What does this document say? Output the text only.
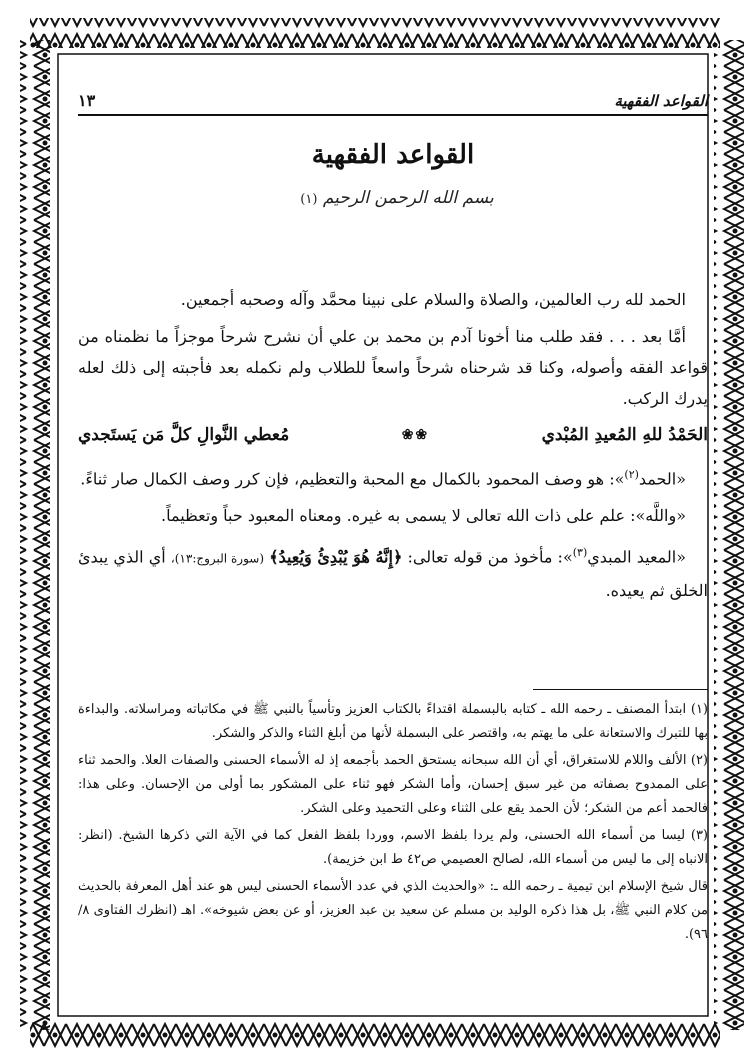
القواعد الفقهية
١٣
القواعد الفقهية
بسم الله الرحمن الرحيم (١)

الحمد لله رب العالمين، والصلاة والسلام على نبينا محمَّد وآله وصحبه أجمعين.

أمَّا بعد . . . فقد طلب منا أخونا آدم بن محمد بن علي أن نشرح شرحاً موجزاً ما نظمناه من قواعد الفقه وأصوله، وكنا قد شرحناه شرحاً واسعاً للطلاب ولم نكمله بعد فأجبته إلى ذلك لعله يدرك الركب.

الحَمْدُ للهِ المُعيدِ المُبْدي
❀❀
مُعطي النَّوالِ كلَّ مَن يَستَجدي

«الحمد$^{(٢)}$»: هو وصف المحمود بالكمال مع المحبة والتعظيم، فإن كرر وصف الكمال صار ثناءً.

«واللَّه»: علم على ذات الله تعالى لا يسمى به غيره. ومعناه المعبود حباً وتعظيماً.

«المعيد المبدي$^{(٣)}$»: مأخوذ من قوله تعالى: ﴿إِنَّهُ هُوَ يُبْدِئُ وَيُعِيدُ﴾ (سورة البروج:١٣)، أي الذي يبدئ الخلق ثم يعيده.

(١) ابتدأ المصنف ـ رحمه الله ـ كتابه بالبسملة اقتداءً بالكتاب العزيز وتأسياً بالنبي ﷺ في مكاتباته ومراسلاته. والبداءة بها للتبرك والاستعانة على ما يهتم به، واقتصر على البسملة لأنها من أبلغ الثناء والذكر والشكر.

(٢) الألف واللام للاستغراق، أي أن الله سبحانه يستحق الحمد بأجمعه إذ له الأسماء الحسنى والصفات العلا. والحمد ثناء على الممدوح بصفاته من غير سبق إحسان، وأما الشكر فهو ثناء على المشكور بما أولى من الإحسان. وعلى هذا: فالحمد أعم من الشكر؛ لأن الحمد يقع على الثناء وعلى التحميد وعلى الشكر.

(٣) ليسا من أسماء الله الحسنى، ولم يردا بلفظ الاسم، ووردا بلفظ الفعل كما في الآية التي ذكرها الشيخ. (انظر: الانباه إلى ما ليس من أسماء الله، لصالح العصيمي ص٤٢ ط ابن خزيمة).

قال شيخ الإسلام ابن تيمية ـ رحمه الله ـ: «والحديث الذي في عدد الأسماء الحسنى ليس هو عند أهل المعرفة بالحديث من كلام النبي ﷺ، بل هذا ذكره الوليد بن مسلم عن سعيد بن عبد العزيز، أو عن بعض شيوخه». اهـ (انظرك الفتاوى ٨/ ٩٦).
